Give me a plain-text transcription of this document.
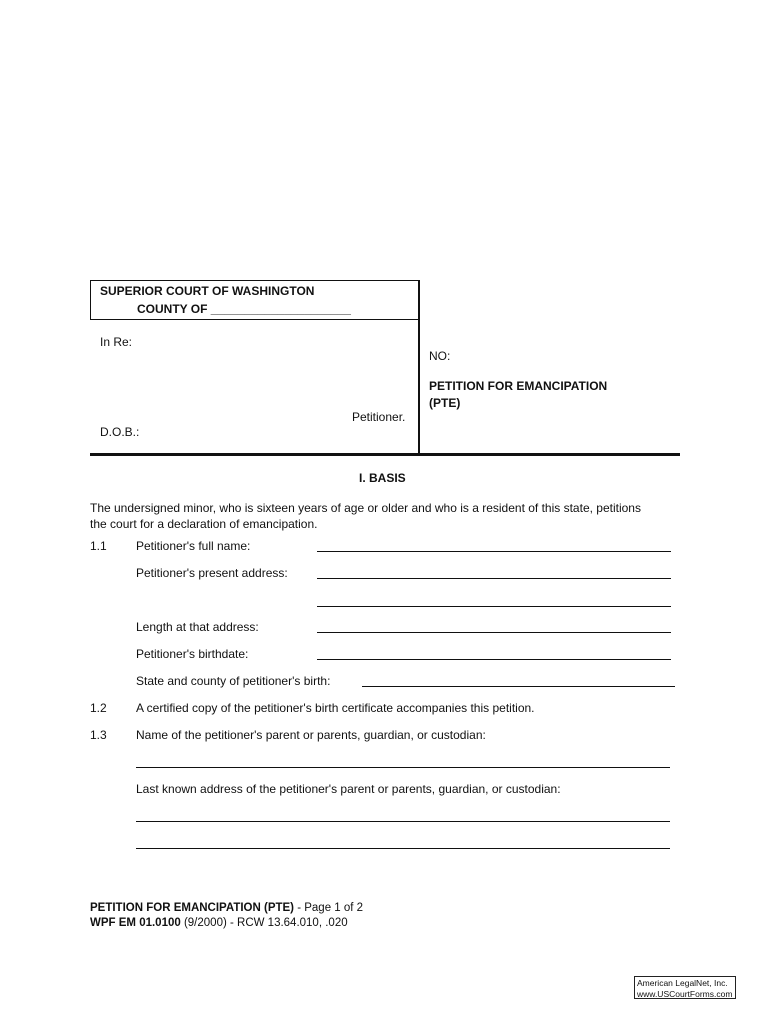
SUPERIOR COURT OF WASHINGTON
COUNTY OF _____________________
In Re:
Petitioner.
D.O.B.:
NO:
PETITION FOR EMANCIPATION
(PTE)
I. BASIS
The undersigned minor, who is sixteen years of age or older and who is a resident of this state, petitions
the court for a declaration of emancipation.
1.1 Petitioner's full name:
Petitioner's present address:
Length at that address:
Petitioner's birthdate:
State and county of petitioner's birth:
1.2 A certified copy of the petitioner's birth certificate accompanies this petition.
1.3 Name of the petitioner's parent or parents, guardian, or custodian:
Last known address of the petitioner's parent or parents, guardian, or custodian:
PETITION FOR EMANCIPATION (PTE) - Page 1 of 2
WPF EM 01.0100 (9/2000) - RCW 13.64.010, .020
American LegalNet, Inc.
www.USCourtForms.com
